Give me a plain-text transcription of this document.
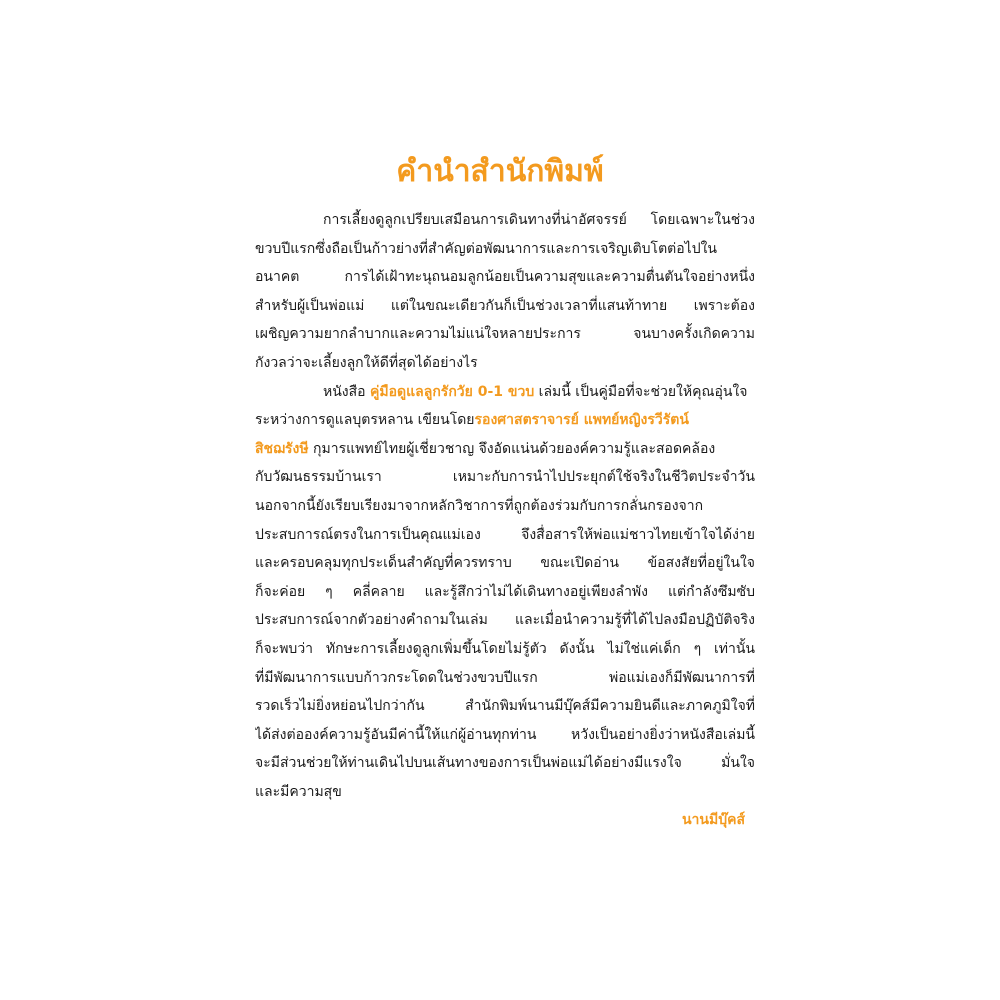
คำนำสำนักพิมพ์
การเลี้ยงดูลูกเปรียบเสมือนการเดินทางที่น่าอัศจรรย์ โดยเฉพาะในช่วง
ขวบปีแรกซึ่งถือเป็นก้าวย่างที่สำคัญต่อพัฒนาการและการเจริญเติบโตต่อไปใน
อนาคต การได้เฝ้าทะนุถนอมลูกน้อยเป็นความสุขและความตื่นตันใจอย่างหนึ่ง
สำหรับผู้เป็นพ่อแม่ แต่ในขณะเดียวกันก็เป็นช่วงเวลาที่แสนท้าทาย เพราะต้อง
เผชิญความยากลำบากและความไม่แน่ใจหลายประการ จนบางครั้งเกิดความ
กังวลว่าจะเลี้ยงลูกให้ดีที่สุดได้อย่างไร
หนังสือ คู่มือดูแลลูกรักวัย 0-1 ขวบ เล่มนี้ เป็นคู่มือที่จะช่วยให้คุณอุ่นใจ
ระหว่างการดูแลบุตรหลาน เขียนโดยรองศาสตราจารย์ แพทย์หญิงรวีรัตน์
สิชฌรังษี กุมารแพทย์ไทยผู้เชี่ยวชาญ จึงอัดแน่นด้วยองค์ความรู้และสอดคล้อง
กับวัฒนธรรมบ้านเรา เหมาะกับการนำไปประยุกต์ใช้จริงในชีวิตประจำวัน
นอกจากนี้ยังเรียบเรียงมาจากหลักวิชาการที่ถูกต้องร่วมกับการกลั่นกรองจาก
ประสบการณ์ตรงในการเป็นคุณแม่เอง จึงสื่อสารให้พ่อแม่ชาวไทยเข้าใจได้ง่าย
และครอบคลุมทุกประเด็นสำคัญที่ควรทราบ ขณะเปิดอ่าน ข้อสงสัยที่อยู่ในใจ
ก็จะค่อย ๆ คลี่คลาย และรู้สึกว่าไม่ได้เดินทางอยู่เพียงลำพัง แต่กำลังซึมซับ
ประสบการณ์จากตัวอย่างคำถามในเล่ม และเมื่อนำความรู้ที่ได้ไปลงมือปฏิบัติจริง
ก็จะพบว่า ทักษะการเลี้ยงดูลูกเพิ่มขึ้นโดยไม่รู้ตัว ดังนั้น ไม่ใช่แค่เด็ก ๆ เท่านั้น
ที่มีพัฒนาการแบบก้าวกระโดดในช่วงขวบปีแรก พ่อแม่เองก็มีพัฒนาการที่
รวดเร็วไม่ยิ่งหย่อนไปกว่ากัน สำนักพิมพ์นานมีบุ๊คส์มีความยินดีและภาคภูมิใจที่
ได้ส่งต่อองค์ความรู้อันมีค่านี้ให้แก่ผู้อ่านทุกท่าน หวังเป็นอย่างยิ่งว่าหนังสือเล่มนี้
จะมีส่วนช่วยให้ท่านเดินไปบนเส้นทางของการเป็นพ่อแม่ได้อย่างมีแรงใจ มั่นใจ
และมีความสุข
นานมีบุ๊คส์
